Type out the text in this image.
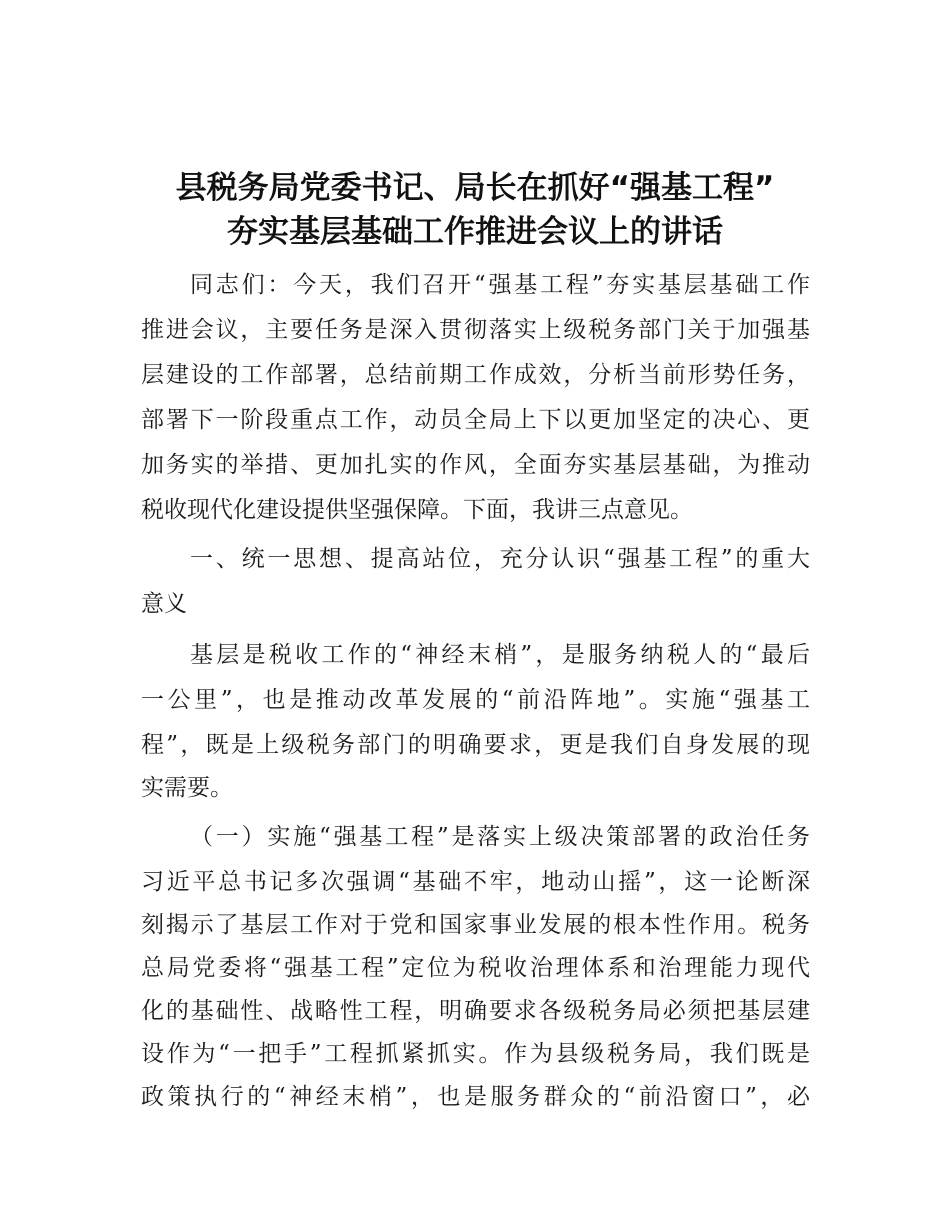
县税务局党委书记、局长在抓好“强基工程”
夯实基层基础工作推进会议上的讲话
同志们：今天，我们召开“强基工程”夯实基层基础工作
推进会议，主要任务是深入贯彻落实上级税务部门关于加强基
层建设的工作部署，总结前期工作成效，分析当前形势任务，
部署下一阶段重点工作，动员全局上下以更加坚定的决心、更
加务实的举措、更加扎实的作风，全面夯实基层基础，为推动
税收现代化建设提供坚强保障。下面，我讲三点意见。
一、统一思想、提高站位，充分认识“强基工程”的重大
意义
基层是税收工作的“神经末梢”，是服务纳税人的“最后
一公里”，也是推动改革发展的“前沿阵地”。实施“强基工
程”，既是上级税务部门的明确要求，更是我们自身发展的现
实需要。
（一）实施“强基工程”是落实上级决策部署的政治任务
习近平总书记多次强调“基础不牢，地动山摇”，这一论断深
刻揭示了基层工作对于党和国家事业发展的根本性作用。税务
总局党委将“强基工程”定位为税收治理体系和治理能力现代
化的基础性、战略性工程，明确要求各级税务局必须把基层建
设作为“一把手”工程抓紧抓实。作为县级税务局，我们既是
政策执行的“神经末梢”，也是服务群众的“前沿窗口”，必
